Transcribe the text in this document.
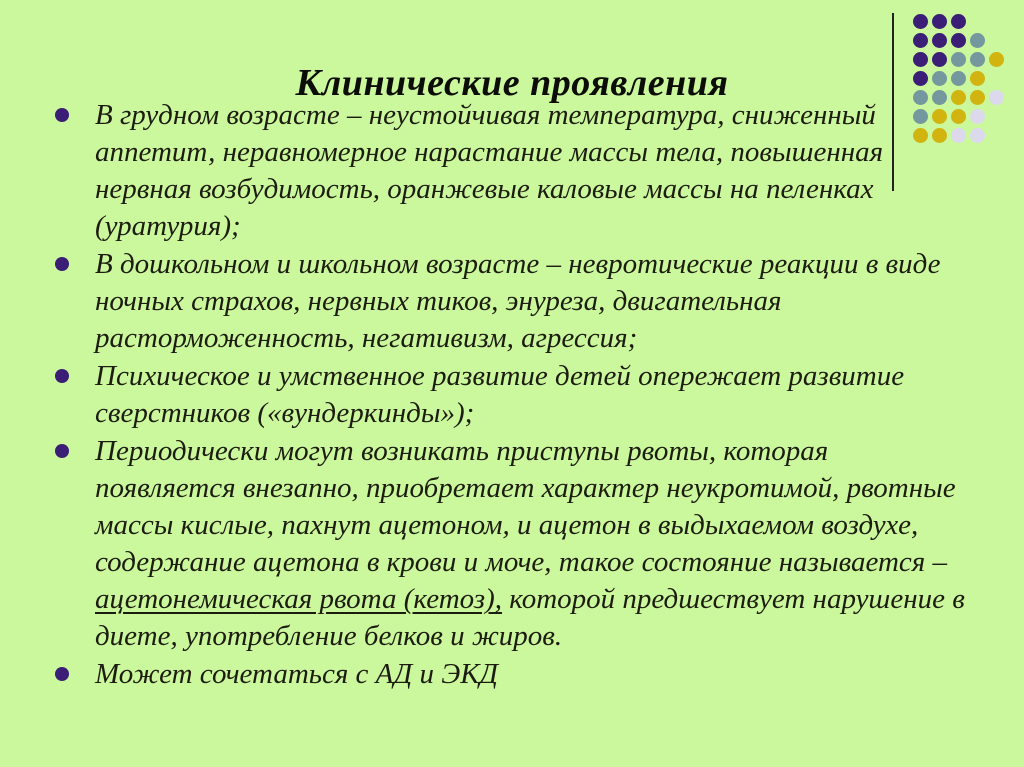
Клинические проявления
В грудном возрасте – неустойчивая температура, сниженный аппетит, неравномерное нарастание массы тела, повышенная нервная возбудимость, оранжевые каловые массы на пеленках (уратурия);
В дошкольном и школьном возрасте – невротические реакции в виде ночных страхов, нервных тиков, энуреза, двигательная расторможенность, негативизм, агрессия;
Психическое и умственное развитие детей опережает развитие сверстников («вундеркинды»);
Периодически могут возникать приступы рвоты, которая появляется внезапно, приобретает характер неукротимой, рвотные массы кислые, пахнут ацетоном, и ацетон в выдыхаемом воздухе, содержание ацетона в крови и моче, такое состояние называется – ацетонемическая рвота (кетоз), которой предшествует нарушение в диете, употребление белков и жиров.
Может сочетаться с АД и ЭКД
